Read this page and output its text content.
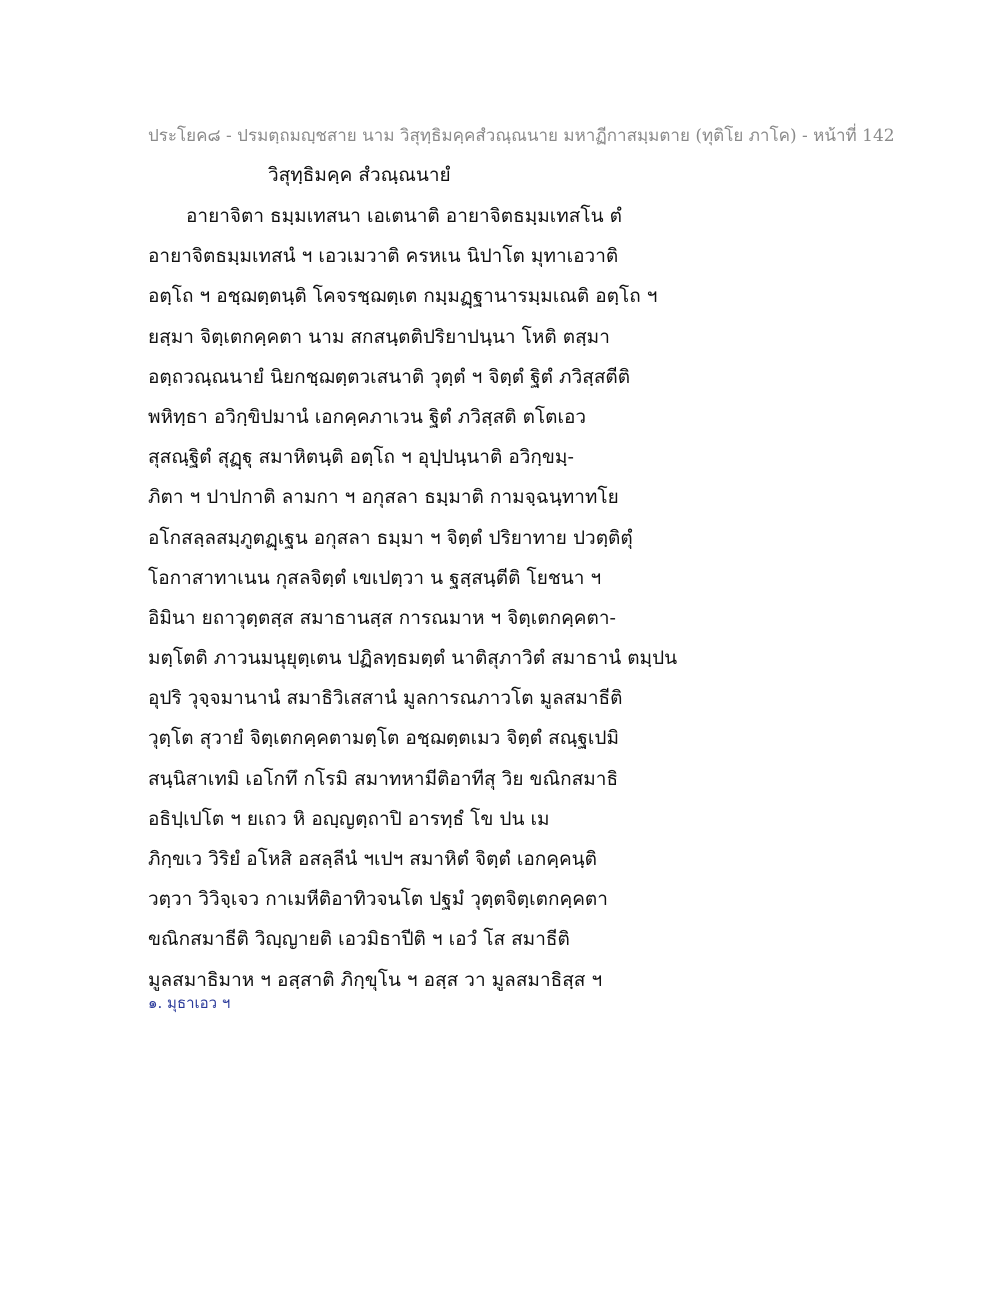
ประโยค๘ - ปรมตฺถมญฺชสาย นาม วิสุทฺธิมคฺคสํวณฺณนาย มหาฏีกาสมฺมตาย (ทุติโย ภาโค) - หน้าที่ 142
วิสุทฺธิมคฺค สํวณฺณนายํ
อายาจิตา ธมฺมเทสนา เอเตนาติ อายาจิตธมฺมเทสโน ตํ
อายาจิตธมฺมเทสนํ ฯ เอวเมวาติ ครหเน นิปาโต มุทาเอวาติ
อตฺโถ ฯ อชฺฌตฺตนฺติ โคจรชฺฌตฺเต กมฺมฏฺฐานารมฺมเณติ อตฺโถ ฯ
ยสฺมา จิตฺเตกคฺคตา นาม สกสนฺตติปริยาปนฺนา โหติ ตสฺมา
อตฺถวณฺณนายํ นิยกชฺฌตฺตวเสนาติ วุตฺตํ ฯ จิตฺตํ ฐิตํ ภวิสฺสตีติ
พหิทฺธา อวิกฺขิปมานํ เอกคฺคภาเวน ฐิตํ ภวิสฺสติ ตโตเอว
สุสณฺฐิตํ สุฏฺฐุ สมาหิตนฺติ อตฺโถ ฯ อุปฺปนฺนาติ อวิกฺขมฺ-
ภิตา ฯ ปาปกาติ ลามกา ฯ อกุสลา ธมฺมาติ กามจฺฉนฺทาทโย
อโกสลฺลสมฺภูตฏฺเฐน อกุสลา ธมฺมา ฯ จิตฺตํ ปริยาทาย ปวตฺติตุํ
โอกาสาทาเนน กุสลจิตฺตํ เขเปตฺวา น ฐสฺสนฺตีติ โยชนา ฯ
อิมินา ยถาวุตฺตสฺส สมาธานสฺส การณมาห ฯ จิตฺเตกคฺคตา-
มตฺโตติ ภาวนมนุยุตฺเตน ปฏิลทฺธมตฺตํ นาติสุภาวิตํ สมาธานํ ตมฺปน
อุปริ วุจฺจมานานํ สมาธิวิเสสานํ มูลการณภาวโต มูลสมาธีติ
วุตฺโต สุวายํ จิตฺเตกคฺคตามตฺโต อชฺฌตฺตเมว จิตฺตํ สณฺฐเปมิ
สนฺนิสาเทมิ เอโกทึ กโรมิ สมาทหามีติอาทีสุ วิย ขณิกสมาธิ
อธิปฺเปโต ฯ ยเถว หิ อญฺญตฺถาปิ อารทฺธํ โข ปน เม
ภิกฺขเว วิริยํ อโหสิ อสลฺลีนํ ฯเปฯ สมาหิตํ จิตฺตํ เอกคฺคนฺติ
วตฺวา วิวิจฺเจว กาเมหีติอาทิวจนโต ปฐมํ วุตฺตจิตฺเตกคฺคตา
ขณิกสมาธีติ วิญฺญายติ เอวมิธาปีติ ฯ เอวํ โส สมาธีติ
มูลสมาธิมาห ฯ อสฺสาติ ภิกฺขุโน ฯ อสฺส วา มูลสมาธิสฺส ฯ
๑. มุธาเอว ฯ
